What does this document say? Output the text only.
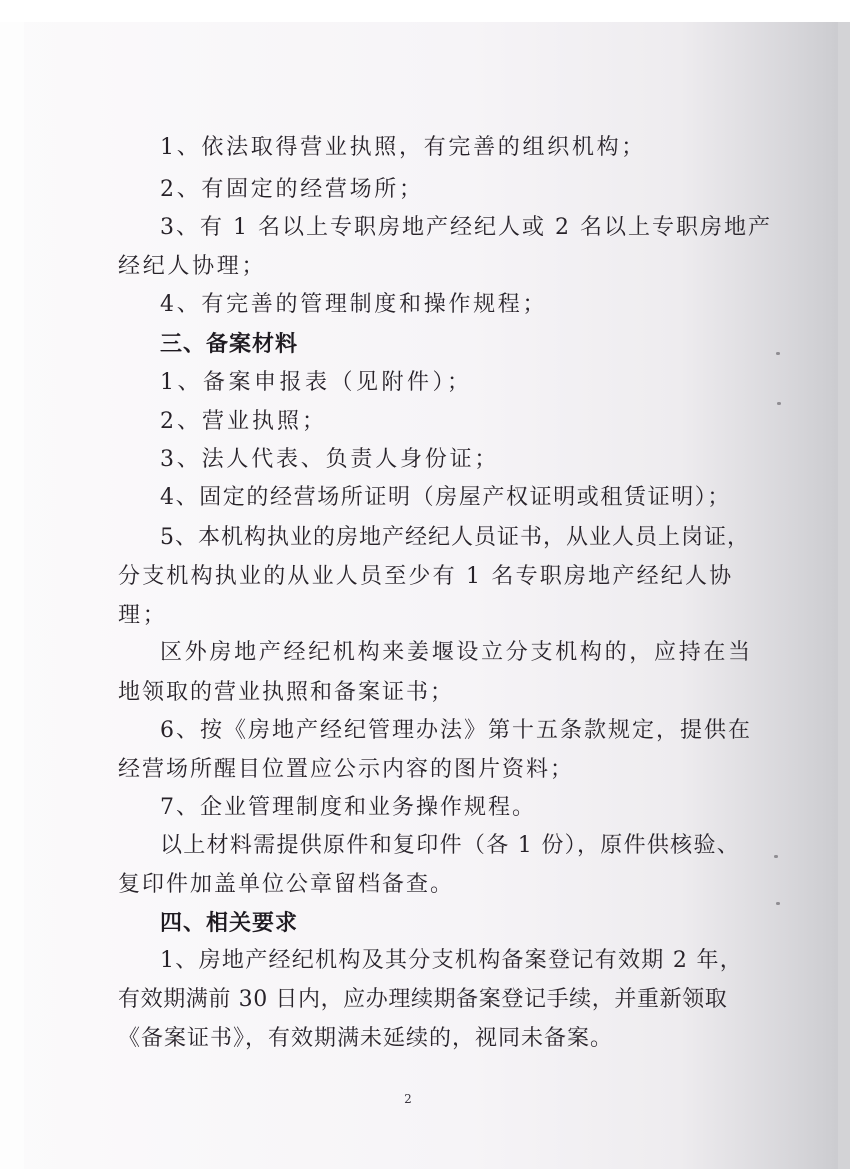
1、依法取得营业执照，有完善的组织机构；
2、有固定的经营场所；
3、有 1 名以上专职房地产经纪人或 2 名以上专职房地产
经纪人协理；
4、有完善的管理制度和操作规程；
三、备案材料
1、备案申报表（见附件）；
2、营业执照；
3、法人代表、负责人身份证；
4、固定的经营场所证明（房屋产权证明或租赁证明）；
5、本机构执业的房地产经纪人员证书，从业人员上岗证，
分支机构执业的从业人员至少有 1 名专职房地产经纪人协
理；
区外房地产经纪机构来姜堰设立分支机构的，应持在当
地领取的营业执照和备案证书；
6、按《房地产经纪管理办法》第十五条款规定，提供在
经营场所醒目位置应公示内容的图片资料；
7、企业管理制度和业务操作规程。
以上材料需提供原件和复印件（各 1 份），原件供核验、
复印件加盖单位公章留档备查。
四、相关要求
1、房地产经纪机构及其分支机构备案登记有效期 2 年，
有效期满前 30 日内，应办理续期备案登记手续，并重新领取
《备案证书》，有效期满未延续的，视同未备案。
2
